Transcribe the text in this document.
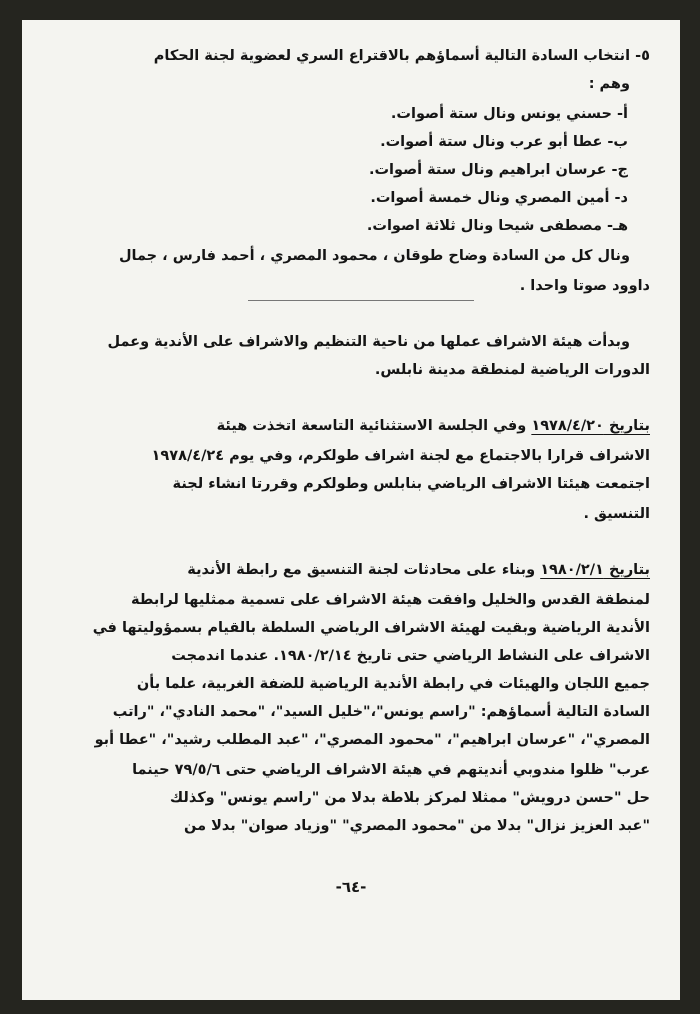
٥- انتخاب السادة التالية أسماؤهم بالاقتراع السري لعضوية لجنة الحكام
وهم :
أ- حسني يونس ونال ستة أصوات.
ب- عطا أبو عرب ونال ستة أصوات.
ج- عرسان ابراهيم ونال ستة أصوات.
د- أمين المصري ونال خمسة أصوات.
هـ- مصطفى شيحا ونال ثلاثة اصوات.
ونال كل من السادة وضاح طوقان ، محمود المصري ، أحمد فارس ، جمال
داوود صوتا واحدا .
وبدأت هيئة الاشراف عملها من ناحية التنظيم والاشراف على الأندية وعمل
الدورات الرياضية لمنطقة مدينة نابلس.
بتاريخ ١٩٧٨/٤/٢٠ وفي الجلسة الاستثنائية التاسعة اتخذت هيئة
الاشراف قرارا بالاجتماع مع لجنة اشراف طولكرم، وفي يوم ١٩٧٨/٤/٢٤
اجتمعت هيئتا الاشراف الرياضي بنابلس وطولكرم وقررتا انشاء لجنة
التنسيق .
بتاريخ ١٩٨٠/٢/١ وبناء على محادثات لجنة التنسيق مع رابطة الأندية
لمنطقة القدس والخليل وافقت هيئة الاشراف على تسمية ممثليها لرابطة
الأندية الرياضية وبقيت لهيئة الاشراف الرياضي السلطة بالقيام بسمؤوليتها في
الاشراف على النشاط الرياضي حتى تاريخ ١٩٨٠/٢/١٤. عندما اندمجت
جميع اللجان والهيئات في رابطة الأندية الرياضية للضفة الغربية، علما بأن
السادة التالية أسماؤهم: "راسم يونس"،"خليل السيد"، "محمد النادي"، "راتب
المصري"، "عرسان ابراهيم"، "محمود المصري"، "عبد المطلب رشيد"، "عطا أبو
عرب" ظلوا مندوبي أنديتهم في هيئة الاشراف الرياضي حتى ٧٩/٥/٦ حينما
حل "حسن درويش" ممثلا لمركز بلاطة بدلا من "راسم يونس" وكذلك
"عبد العزيز نزال" بدلا من "محمود المصري" "وزياد صوان" بدلا من
-٦٤-
